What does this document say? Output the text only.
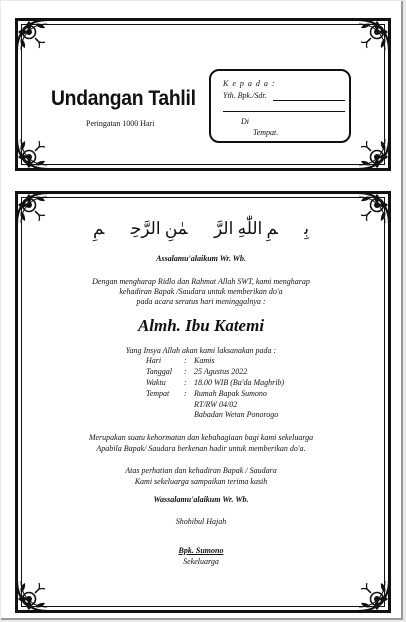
Undangan Tahlil
Peringatan 1000 Hari
K e p a d a :
Yth. Bpk./Sdr.
Di
Tempat.
بِسۡمِ اللّٰهِ الرَّحۡمٰنِ الرَّحِیۡمِ
Assalamu'alaikum Wr. Wb.
Dengan mengharap Ridlo dan Rahmat Allah SWT, kami mengharap
kehadiran Bapak /Saudara untuk memberikan do'a
pada acara seratus hari meninggalnya :
Almh. Ibu Katemi
Yang Insya Allah akan kami laksanakan pada :
Hari	: Kamis
Tanggal : 25 Agustus 2022
Waktu : 18.00 WIB (Ba'da Maghrib)
Tempat : Rumah Bapak Sumono
RT/RW 04/02
Babadan Wetan Ponorogo
Merupakan suatu kehormatan dan kebahagiaan bagi kami sekeluarga
Apabila Bapak/ Saudara berkenan hadir untuk memberikan do'a.
Atas perhatian dan kehadiran Bapak / Saudara
Kami sekeluarga sampaikan terima kasih
Wassalamu'alaikum Wr. Wb.
Shohibul Hajah
Bpk. Sumono
Sekeluarga
